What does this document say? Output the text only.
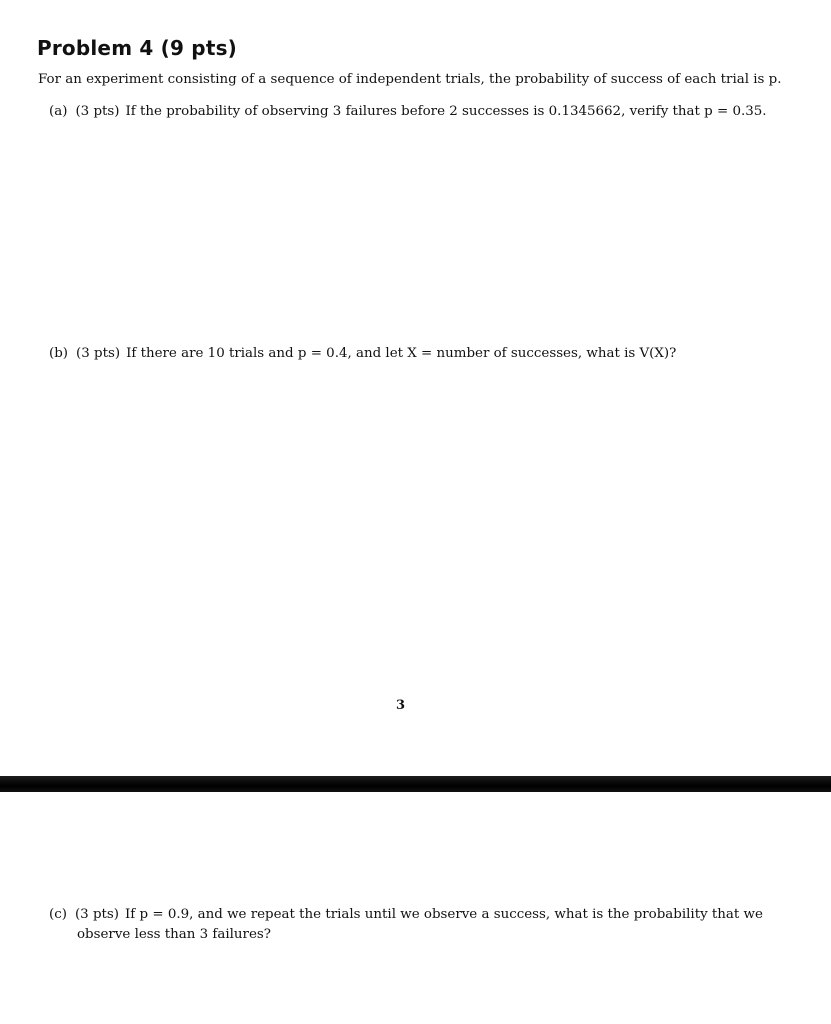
Problem 4 (9 pts)
For an experiment consisting of a sequence of independent trials, the probability of success of each trial is p.
(a) (3 pts) If the probability of observing 3 failures before 2 successes is 0.1345662, verify that p = 0.35.
(b) (3 pts) If there are 10 trials and p = 0.4, and let X = number of successes, what is V(X)?
3
(c) (3 pts) If p = 0.9, and we repeat the trials until we observe a success, what is the probability that we
observe less than 3 failures?
